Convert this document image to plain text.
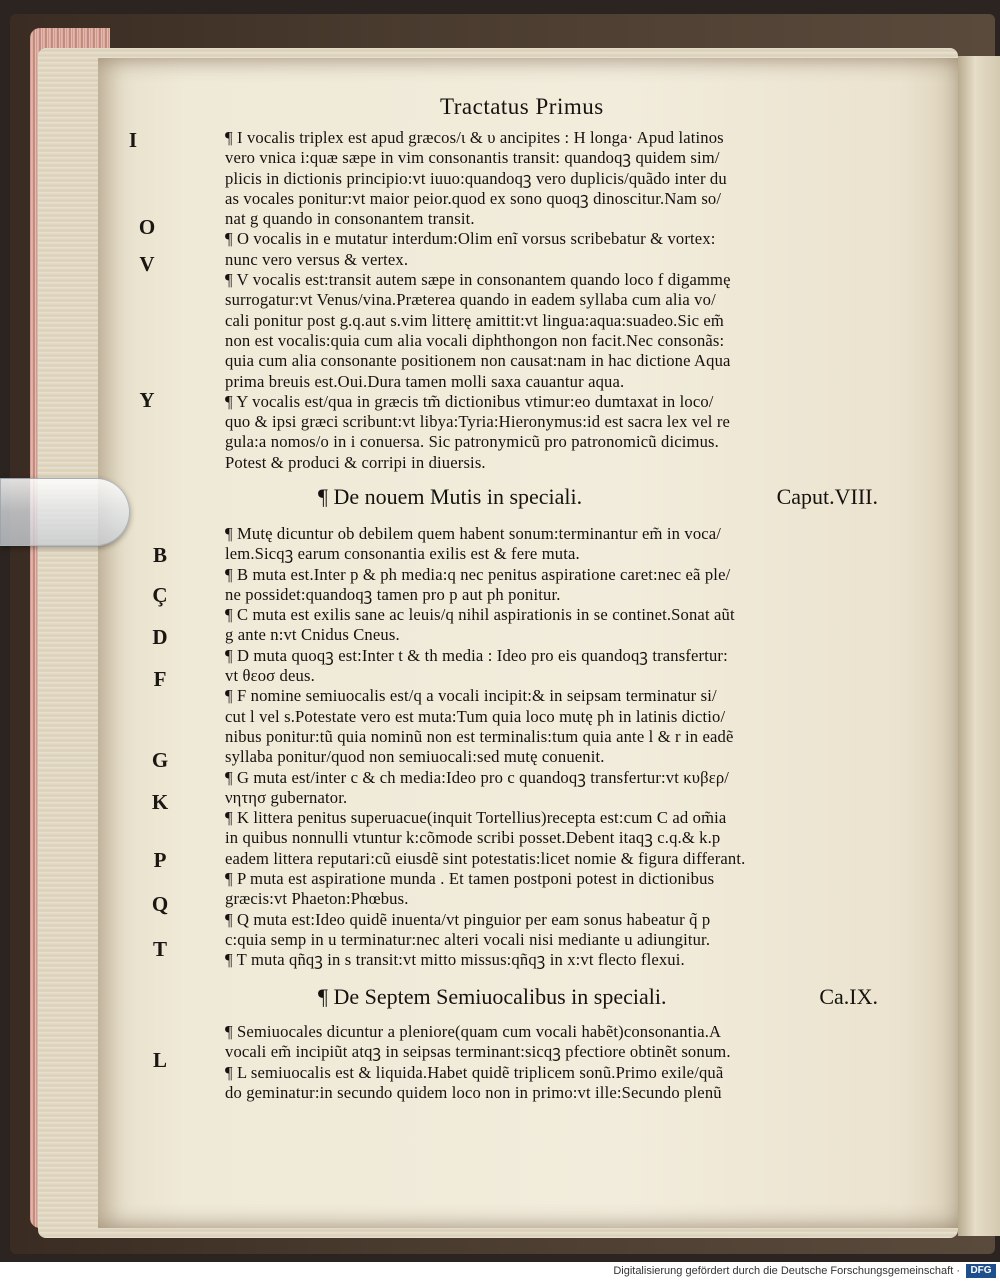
Tractatus Primus
I
O
V
Y
B
Ç
D
F
G
K
P
Q
T
L
¶ I vocalis triplex est apud græcos/ι & υ ancipites : H longa· Apud latinos
vero vnica i:quæ sæpe in vim consonantis transit: quandoqꝫ quidem sim/
plicis in dictionis principio:vt iuuo:quandoqꝫ vero duplicis/quãdo inter du
as vocales ponitur:vt maior peior.quod ex sono quoqꝫ dinoscitur.Nam so/
nat g quando in consonantem transit.
¶ O vocalis in e mutatur interdum:Olim enĩ vorsus scribebatur & vortex:
nunc vero versus & vertex.
¶ V vocalis est:transit autem sæpe in consonantem quando loco f digammę
surrogatur:vt Venus/vina.Præterea quando in eadem syllaba cum alia vo/
cali ponitur post g.q.aut s.vim litterę amittit:vt lingua:aqua:suadeo.Sic em̃
non est vocalis:quia cum alia vocali diphthongon non facit.Nec consonãs:
quia cum alia consonante positionem non causat:nam in hac dictione Aqua
prima breuis est.Oui.Dura tamen molli saxa cauantur aqua.
¶ Y vocalis est/qua in græcis tm̃ dictionibus vtimur:eo dumtaxat in loco/
quo & ipsi græci scribunt:vt libya:Tyria:Hieronymus:id est sacra lex vel re
gula:a nomos/o in i conuersa. Sic patronymicũ pro patronomicũ dicimus.
Potest & produci & corripi in diuersis.
¶ De nouem Mutis in speciali.	Caput.VIII.
¶ Mutę dicuntur ob debilem quem habent sonum:terminantur em̃ in voca/
lem.Sicqꝫ earum consonantia exilis est & fere muta.
¶ B muta est.Inter p & ph media:q nec penitus aspiratione caret:nec eã ple/
ne possidet:quandoqꝫ tamen pro p aut ph ponitur.
¶ C muta est exilis sane ac leuis/q nihil aspirationis in se continet.Sonat aũt
g ante n:vt Cnidus Cneus.
¶ D muta quoqꝫ est:Inter t & th media : Ideo pro eis quandoqꝫ transfertur:
vt θεοσ deus.
¶ F nomine semiuocalis est/q a vocali incipit:& in seipsam terminatur si/
cut l vel s.Potestate vero est muta:Tum quia loco mutę ph in latinis dictio/
nibus ponitur:tũ quia nominũ non est terminalis:tum quia ante l & r in eadẽ
syllaba ponitur/quod non semiuocali:sed mutę conuenit.
¶ G muta est/inter c & ch media:Ideo pro c quandoqꝫ transfertur:vt κυβερ/
νητησ gubernator.
¶ K littera penitus superuacue(inquit Tortellius)recepta est:cum C ad om̃ia
in quibus nonnulli vtuntur k:cõmode scribi posset.Debent itaqꝫ c.q.& k.p
eadem littera reputari:cũ eiusdẽ sint potestatis:licet nomie & figura differant.
¶ P muta est aspiratione munda . Et tamen postponi potest in dictionibus
græcis:vt Phaeton:Phœbus.
¶ Q muta est:Ideo quidẽ inuenta/vt pinguior per eam sonus habeatur q̃ p
c:quia semp in u terminatur:nec alteri vocali nisi mediante u adiungitur.
¶ T muta qñqꝫ in s transit:vt mitto missus:qñqꝫ in x:vt flecto flexui.
¶ De Septem Semiuocalibus in speciali.	Ca.IX.
¶ Semiuocales dicuntur a pleniore(quam cum vocali habẽt)consonantia.A
vocali em̃ incipiũt atqꝫ in seipsas terminant:sicqꝫ pfectiore obtinẽt sonum.
¶ L semiuocalis est & liquida.Habet quidẽ triplicem sonũ.Primo exile/quã
do geminatur:in secundo quidem loco non in primo:vt ille:Secundo plenũ
Digitalisierung gefördert durch die Deutsche Forschungsgemeinschaft ·	DFG
